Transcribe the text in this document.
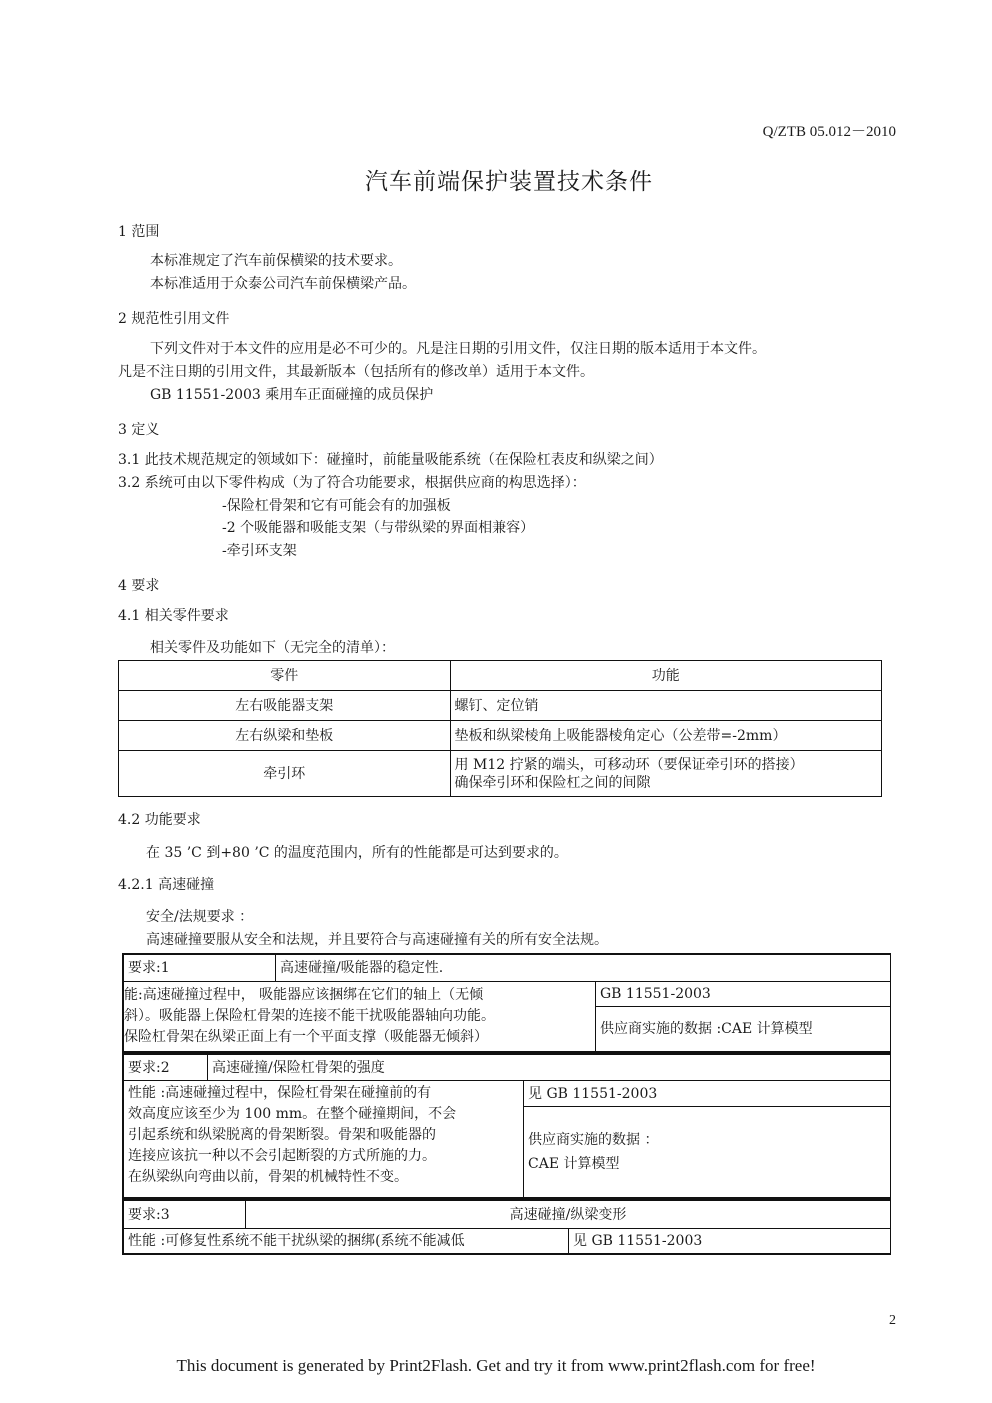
Q/ZTB 05.012－2010
汽车前端保护装置技术条件
1 范围
本标准规定了汽车前保横梁的技术要求。
本标准适用于众泰公司汽车前保横梁产品。
2 规范性引用文件
下列文件对于本文件的应用是必不可少的。凡是注日期的引用文件，仅注日期的版本适用于本文件。
凡是不注日期的引用文件，其最新版本（包括所有的修改单）适用于本文件。
GB 11551-2003 乘用车正面碰撞的成员保护
3 定义
3.1 此技术规范规定的领域如下：碰撞时，前能量吸能系统（在保险杠表皮和纵梁之间）
3.2 系统可由以下零件构成（为了符合功能要求，根据供应商的构思选择）：
-保险杠骨架和它有可能会有的加强板
-2 个吸能器和吸能支架（与带纵梁的界面相兼容）
-牵引环支架
4 要求
4.1 相关零件要求
相关零件及功能如下（无完全的清单）：
零件	功能
左右吸能器支架	螺钉、定位销
左右纵梁和垫板	垫板和纵梁棱角上吸能器棱角定心（公差带=-2mm）
牵引环	用 M12 拧紧的端头，可移动环（要保证牵引环的搭接）
确保牵引环和保险杠之间的间隙
4.2 功能要求
在 35 ’C 到+80 ’C 的温度范围内，所有的性能都是可达到要求的。
4.2.1 高速碰撞
安全/法规要求 ：
高速碰撞要服从安全和法规，并且要符合与高速碰撞有关的所有安全法规。
要求:1	高速碰撞/吸能器的稳定性.	

能:高速碰撞过程中， 吸能器应该捆绑在它们的轴上（无倾
斜）。吸能器上保险杠骨架的连接不能干扰吸能器轴向功能。
保险杠骨架在纵梁正面上有一个平面支撑（吸能器无倾斜）		GB 11551-2003
		供应商实施的数据 :CAE 计算模型
要求:2	高速碰撞/保险杠骨架的强度	

性能 :高速碰撞过程中，保险杠骨架在碰撞前的有
效高度应该至少为 100 mm。在整个碰撞期间，不会
引起系统和纵梁脱离的骨架断裂。骨架和吸能器的
连接应该抗一种以不会引起断裂的方式所施的力。
在纵梁纵向弯曲以前，骨架的机械特性不变。		见 GB 11551-2003

		供应商实施的数据 ：
CAE 计算模型
要求:3	高速碰撞/纵梁变形	
性能 :可修复性系统不能干扰纵梁的捆绑(系统不能减低		见 GB 11551-2003
2
This document is generated by Print2Flash. Get and try it from www.print2flash.com for free!
